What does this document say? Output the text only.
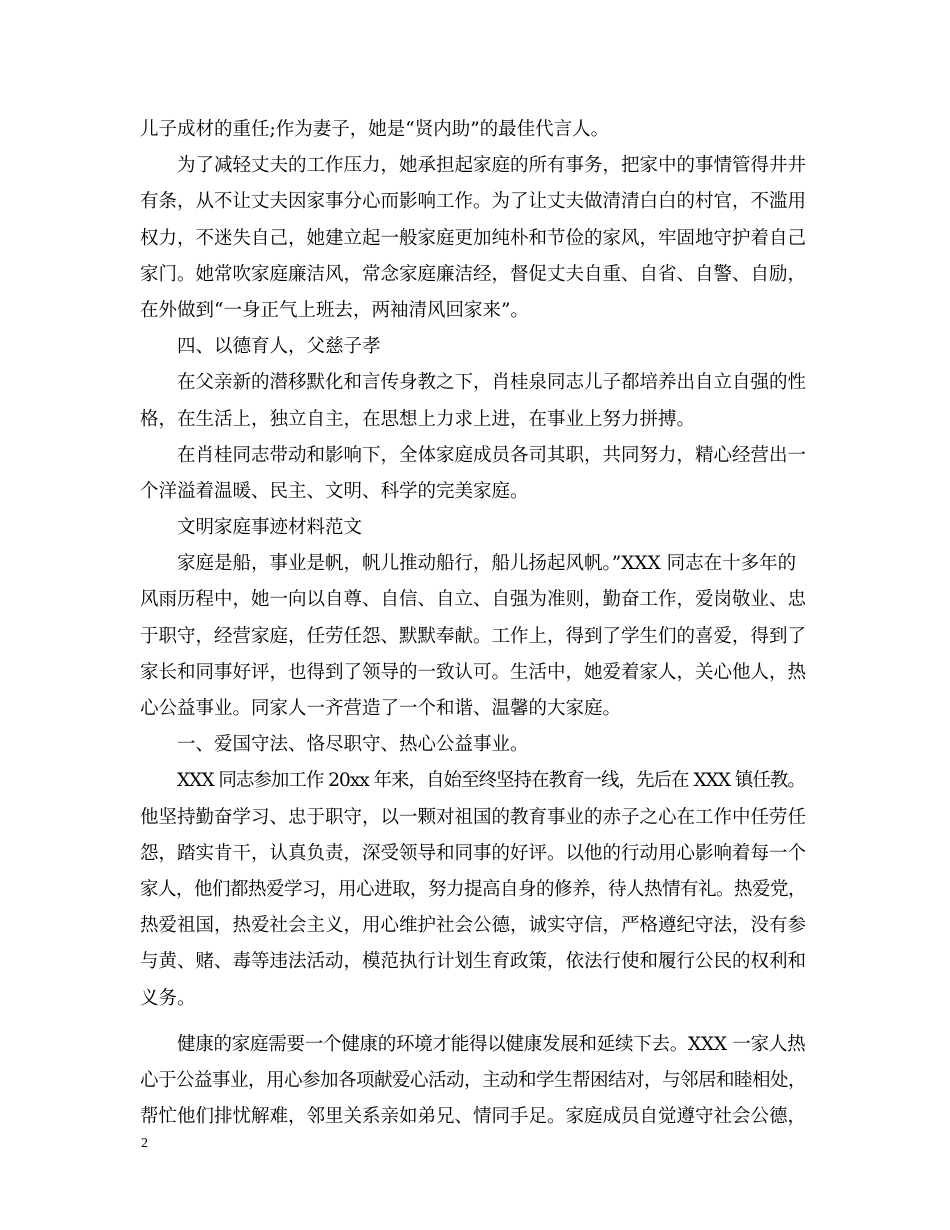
儿子成材的重任;作为妻子，她是“贤内助”的最佳代言人。
为了减轻丈夫的工作压力，她承担起家庭的所有事务，把家中的事情管得井井
有条，从不让丈夫因家事分心而影响工作。为了让丈夫做清清白白的村官，不滥用
权力，不迷失自己，她建立起一般家庭更加纯朴和节俭的家风，牢固地守护着自己
家门。她常吹家庭廉洁风，常念家庭廉洁经，督促丈夫自重、自省、自警、自励，
在外做到“一身正气上班去，两袖清风回家来”。
四、以德育人，父慈子孝
在父亲新的潜移默化和言传身教之下，肖桂泉同志儿子都培养出自立自强的性
格，在生活上，独立自主，在思想上力求上进，在事业上努力拼搏。
在肖桂同志带动和影响下，全体家庭成员各司其职，共同努力，精心经营出一
个洋溢着温暖、民主、文明、科学的完美家庭。
文明家庭事迹材料范文
家庭是船，事业是帆，帆儿推动船行，船儿扬起风帆。”XXX 同志在十多年的
风雨历程中，她一向以自尊、自信、自立、自强为准则，勤奋工作，爱岗敬业、忠
于职守，经营家庭，任劳任怨、默默奉献。工作上，得到了学生们的喜爱，得到了
家长和同事好评，也得到了领导的一致认可。生活中，她爱着家人，关心他人，热
心公益事业。同家人一齐营造了一个和谐、温馨的大家庭。
一、爱国守法、恪尽职守、热心公益事业。
XXX 同志参加工作 20xx 年来，自始至终坚持在教育一线，先后在 XXX 镇任教。
他坚持勤奋学习、忠于职守，以一颗对祖国的教育事业的赤子之心在工作中任劳任
怨，踏实肯干，认真负责，深受领导和同事的好评。以他的行动用心影响着每一个
家人，他们都热爱学习，用心进取，努力提高自身的修养，待人热情有礼。热爱党，
热爱祖国，热爱社会主义，用心维护社会公德，诚实守信，严格遵纪守法，没有参
与黄、赌、毒等违法活动，模范执行计划生育政策，依法行使和履行公民的权利和
义务。
健康的家庭需要一个健康的环境才能得以健康发展和延续下去。XXX 一家人热
心于公益事业，用心参加各项献爱心活动，主动和学生帮困结对，与邻居和睦相处，
帮忙他们排忧解难，邻里关系亲如弟兄、情同手足。家庭成员自觉遵守社会公德，
2
